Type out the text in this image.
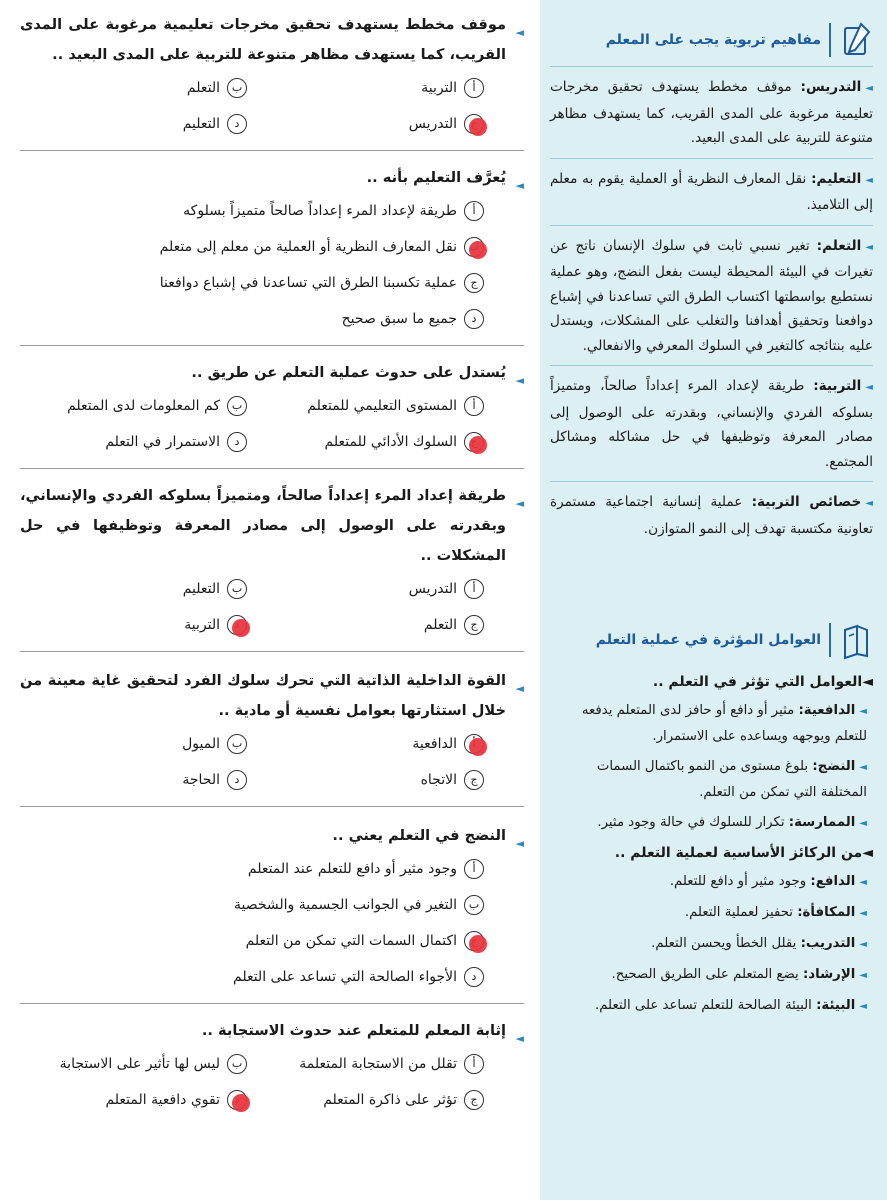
مفاهيم تربوية يجب على المعلم

◄التدريس: موقف مخطط يستهدف تحقيق مخرجات تعليمية مرغوبة على المدى القريب، كما يستهدف مظاهر متنوعة للتربية على المدى البعيد.

◄التعليم: نقل المعارف النظرية أو العملية يقوم به معلم إلى التلاميذ.

◄التعلم: تغير نسبي ثابت في سلوك الإنسان ناتج عن تغيرات في البيئة المحيطة ليست بفعل النضج، وهو عملية نستطيع بواسطتها اكتساب الطرق التي تساعدنا في إشباع دوافعنا وتحقيق أهدافنا والتغلب على المشكلات، ويستدل عليه بنتائجه كالتغير في السلوك المعرفي والانفعالي.

◄التربية: طريقة لإعداد المرء إعداداً صالحاً، ومتميزاً بسلوكه الفردي والإنساني، وبقدرته على الوصول إلى مصادر المعرفة وتوظيفها في حل مشاكله ومشاكل المجتمع.

◄خصائص التربية: عملية إنسانية اجتماعية مستمرة تعاونية مكتسبة تهدف إلى النمو المتوازن.

العوامل المؤثرة في عملية التعلم
◄العوامل التي تؤثر في التعلم ..

◄الدافعية: مثير أو دافع أو حافز لدى المتعلم يدفعه للتعلم ويوجهه ويساعده على الاستمرار.

◄النضج: بلوغ مستوى من النمو باكتمال السمات المختلفة التي تمكن من التعلم.

◄الممارسة: تكرار للسلوك في حالة وجود مثير.

◄من الركائز الأساسية لعملية التعلم ..

◄الدافع: وجود مثير أو دافع للتعلم.

◄المكافأة: تحفيز لعملية التعلم.

◄التدريب: يقلل الخطأ ويحسن التعلم.

◄الإرشاد: يضع المتعلم على الطريق الصحيح.

◄البيئة: البيئة الصالحة للتعلم تساعد على التعلم.

◄
موقف مخطط يستهدف تحقيق مخرجات تعليمية مرغوبة على المدى القريب، كما يستهدف مظاهر متنوعة للتربية على المدى البعيد ..
أ
التربية
ب
التعلم
التدريس
د
التعليم
◄
يُعرَّف التعليم بأنه ..
أ
طريقة لإعداد المرء إعداداً صالحاً متميزاً بسلوكه
نقل المعارف النظرية أو العملية من معلم إلى متعلم
ج
عملية تكسبنا الطرق التي تساعدنا في إشباع دوافعنا
د
جميع ما سبق صحيح
◄
يُستدل على حدوث عملية التعلم عن طريق ..
أ
المستوى التعليمي للمتعلم
ب
كم المعلومات لدى المتعلم
السلوك الأدائي للمتعلم
د
الاستمرار في التعلم
◄
طريقة إعداد المرء إعداداً صالحاً، ومتميزاً بسلوكه الفردي والإنساني، وبقدرته على الوصول إلى مصادر المعرفة وتوظيفها في حل المشكلات ..
أ
التدريس
ب
التعليم
ج
التعلم
التربية
◄
القوة الداخلية الذاتية التي تحرك سلوك الفرد لتحقيق غاية معينة من خلال استثارتها بعوامل نفسية أو مادية ..
الدافعية
ب
الميول
ج
الاتجاه
د
الحاجة
◄
النضج في التعلم يعني ..
أ
وجود مثير أو دافع للتعلم عند المتعلم
ب
التغير في الجوانب الجسمية والشخصية
اكتمال السمات التي تمكن من التعلم
د
الأجواء الصالحة التي تساعد على التعلم
◄
إثابة المعلم للمتعلم عند حدوث الاستجابة ..
أ
تقلل من الاستجابة المتعلمة
ب
ليس لها تأثير على الاستجابة
ج
تؤثر على ذاكرة المتعلم
تقوي دافعية المتعلم
